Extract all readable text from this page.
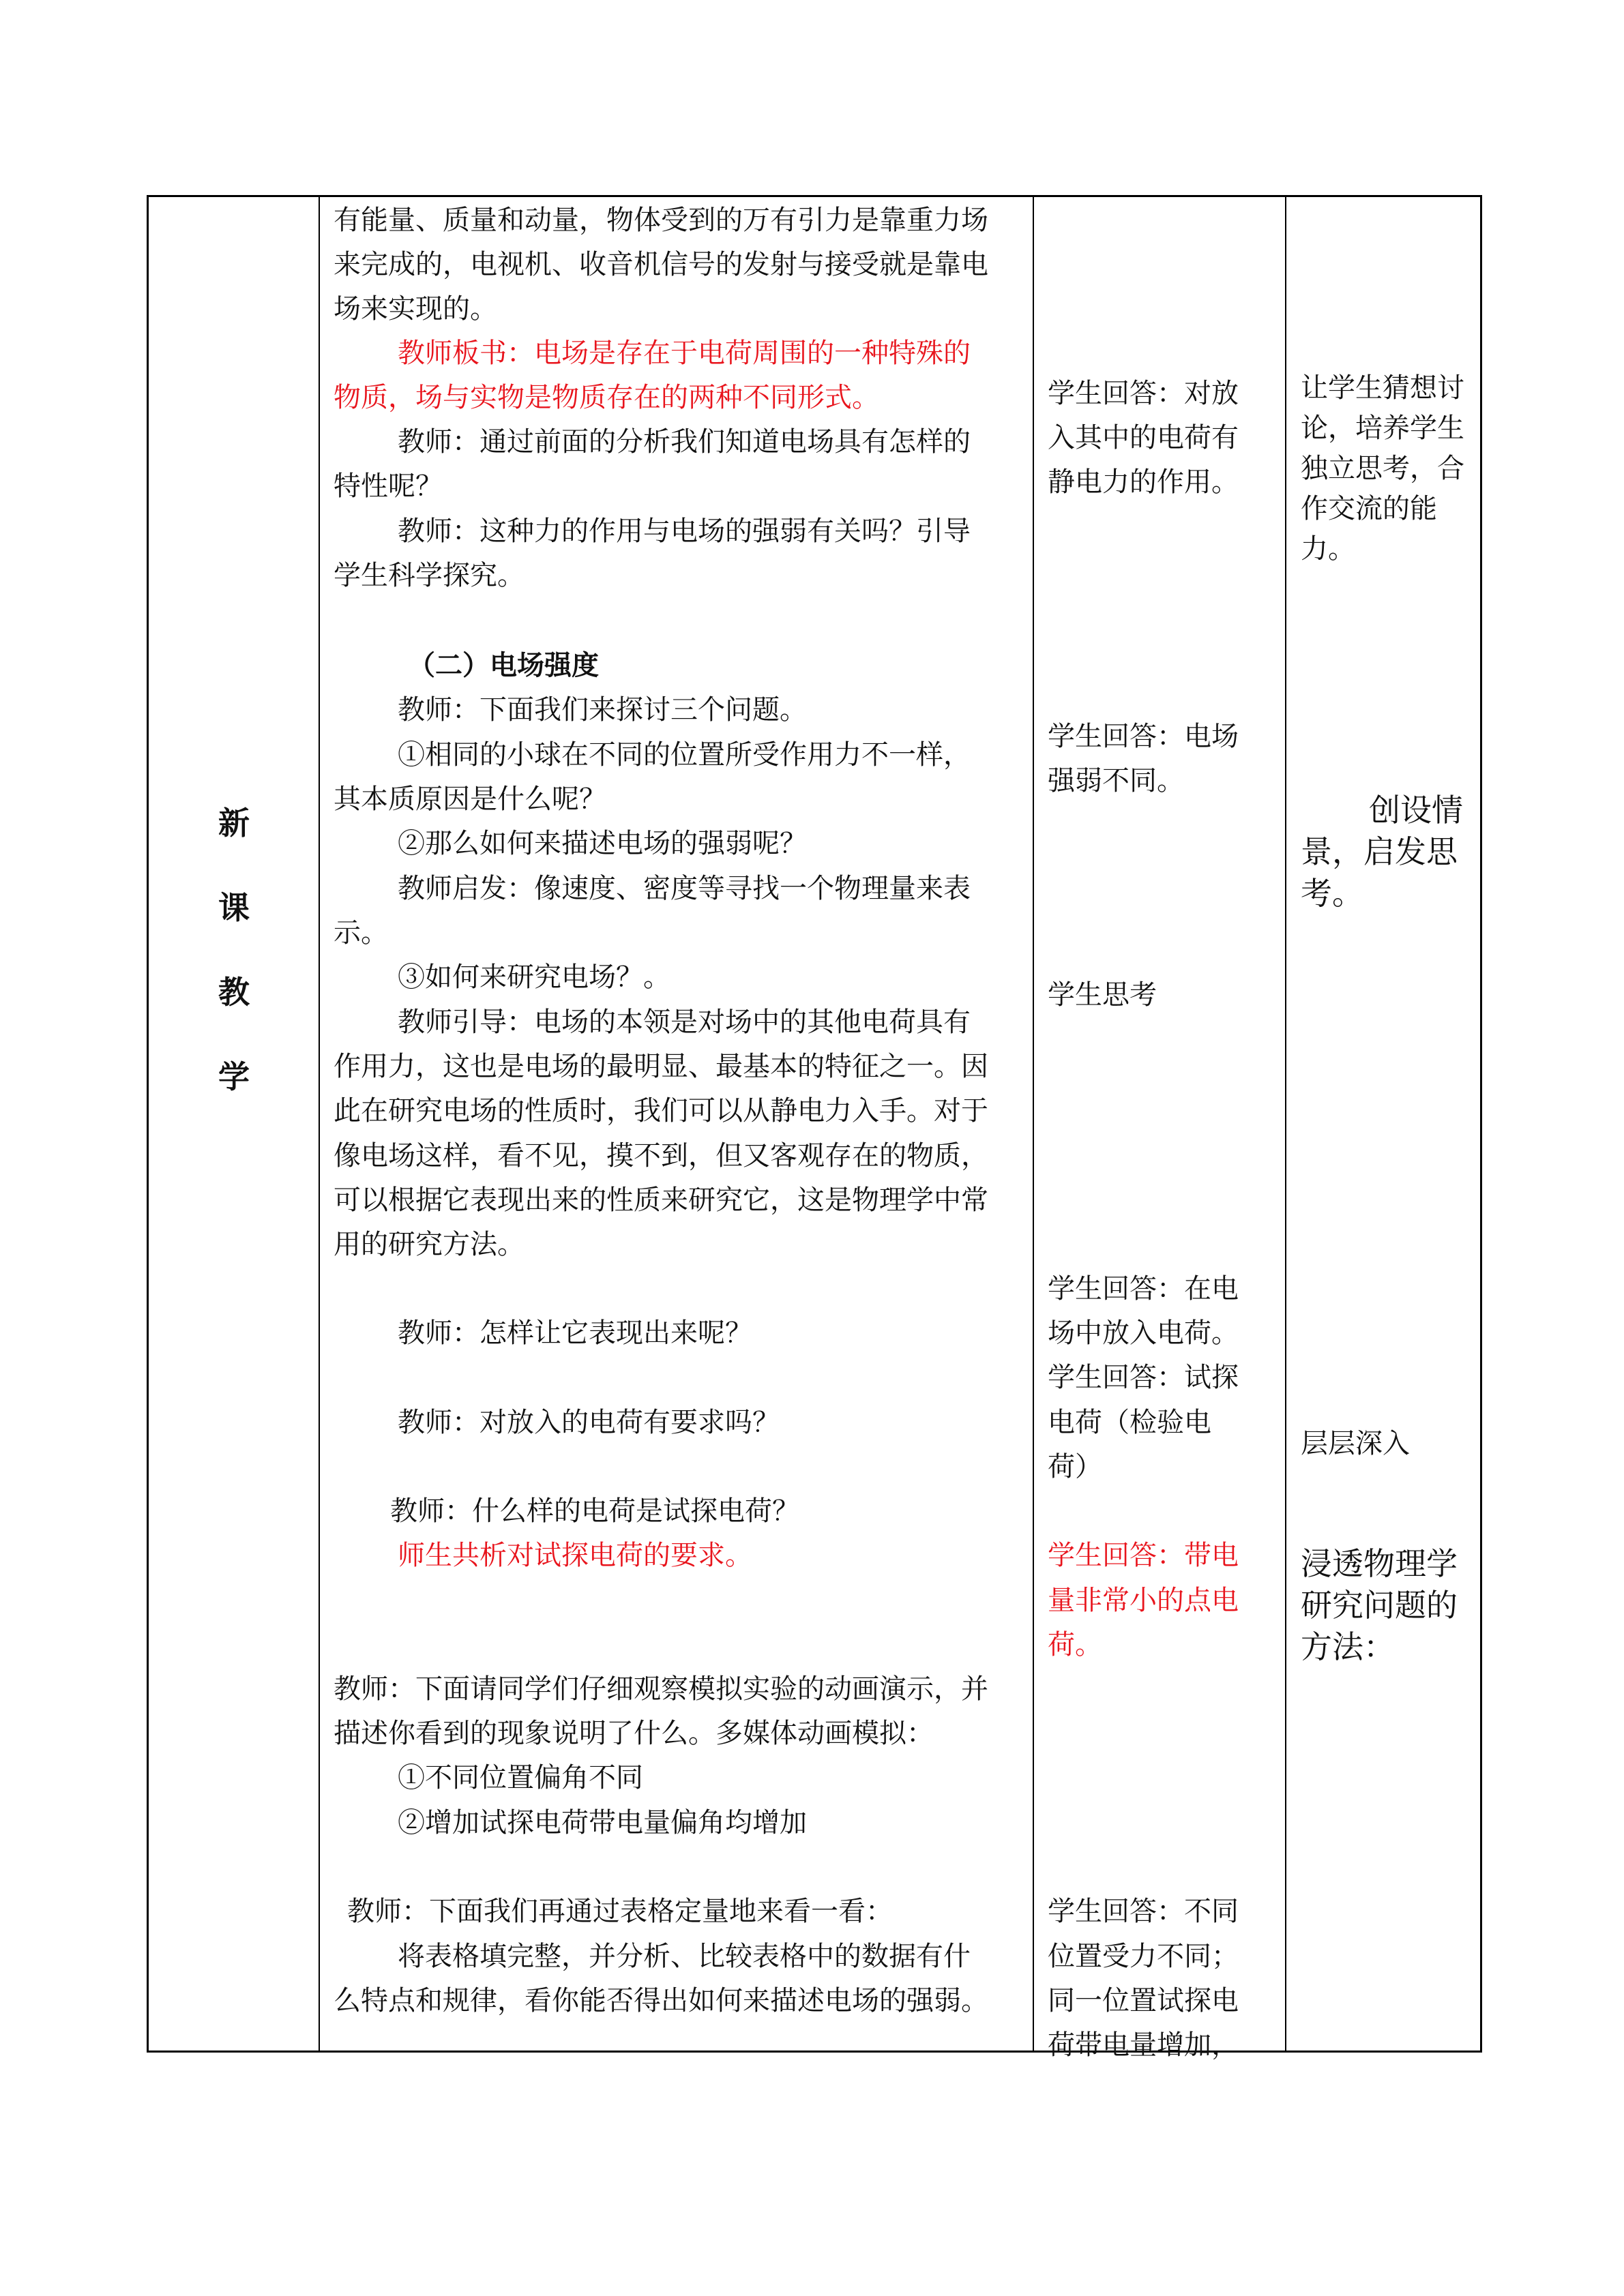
新
课
教
学
有能量、质量和动量，物体受到的万有引力是靠重力场
来完成的，电视机、收音机信号的发射与接受就是靠电
场来实现的。
教师板书：电场是存在于电荷周围的一种特殊的
物质，场与实物是物质存在的两种不同形式。
教师：通过前面的分析我们知道电场具有怎样的
特性呢？
教师：这种力的作用与电场的强弱有关吗？引导
学生科学探究。
（二）电场强度
教师：下面我们来探讨三个问题。
①相同的小球在不同的位置所受作用力不一样，
其本质原因是什么呢？
②那么如何来描述电场的强弱呢？
教师启发：像速度、密度等寻找一个物理量来表
示。
③如何来研究电场？。
教师引导：电场的本领是对场中的其他电荷具有
作用力，这也是电场的最明显、最基本的特征之一。因
此在研究电场的性质时，我们可以从静电力入手。对于
像电场这样，看不见，摸不到，但又客观存在的物质，
可以根据它表现出来的性质来研究它，这是物理学中常
用的研究方法。
教师：怎样让它表现出来呢？
教师：对放入的电荷有要求吗？
教师：什么样的电荷是试探电荷？
师生共析对试探电荷的要求。
教师：下面请同学们仔细观察模拟实验的动画演示，并
描述你看到的现象说明了什么。多媒体动画模拟：
①不同位置偏角不同
②增加试探电荷带电量偏角均增加
教师：下面我们再通过表格定量地来看一看：
将表格填完整，并分析、比较表格中的数据有什
么特点和规律，看你能否得出如何来描述电场的强弱。
学生回答：对放
入其中的电荷有
静电力的作用。
学生回答：电场
强弱不同。
学生思考
学生回答：在电
场中放入电荷。
学生回答：试探
电荷（检验电
荷）
学生回答：带电
量非常小的点电
荷。
学生回答：不同
位置受力不同；
同一位置试探电
荷带电量增加，
让学生猜想讨
论，培养学生
独立思考，合
作交流的能
力。
创设情
景，启发思
考。
层层深入
浸透物理学
研究问题的
方法：
